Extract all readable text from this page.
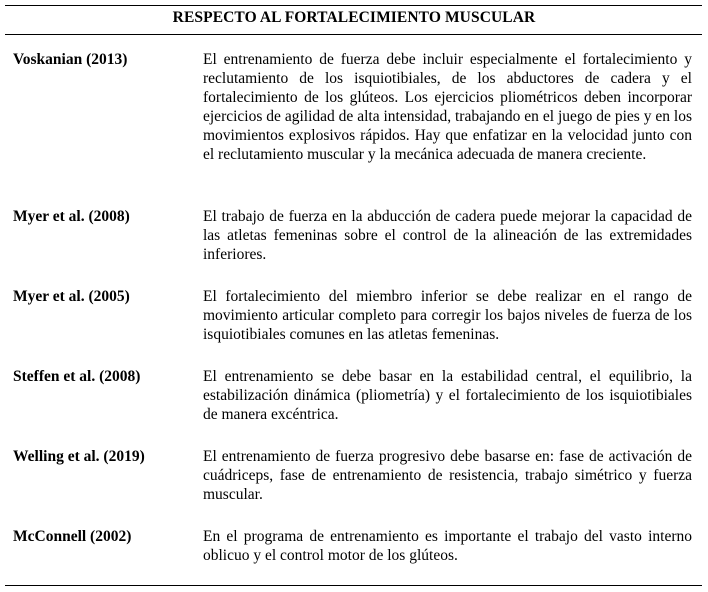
RESPECTO AL FORTALECIMIENTO MUSCULAR
Voskanian (2013)	El entrenamiento de fuerza debe incluir especialmente el fortalecimiento y reclutamiento de los isquiotibiales, de los abductores de cadera y el fortalecimiento de los glúteos. Los ejercicios pliométricos deben incorporar ejercicios de agilidad de alta intensidad, trabajando en el juego de pies y en los movimientos explosivos rápidos. Hay que enfatizar en la velocidad junto con el reclutamiento muscular y la mecánica adecuada de manera creciente.

Myer et al. (2008)	El trabajo de fuerza en la abducción de cadera puede mejorar la capacidad de las atletas femeninas sobre el control de la alineación de las extremidades inferiores.

Myer et al. (2005)	El fortalecimiento del miembro inferior se debe realizar en el rango de movimiento articular completo para corregir los bajos niveles de fuerza de los isquiotibiales comunes en las atletas femeninas.

Steffen et al. (2008)	El entrenamiento se debe basar en la estabilidad central, el equilibrio, la estabilización dinámica (pliometría) y el fortalecimiento de los isquiotibiales de manera excéntrica.

Welling et al. (2019)	El entrenamiento de fuerza progresivo debe basarse en: fase de activación de cuádriceps, fase de entrenamiento de resistencia, trabajo simétrico y fuerza muscular.

McConnell (2002)	En el programa de entrenamiento es importante el trabajo del vasto interno oblicuo y el control motor de los glúteos.
